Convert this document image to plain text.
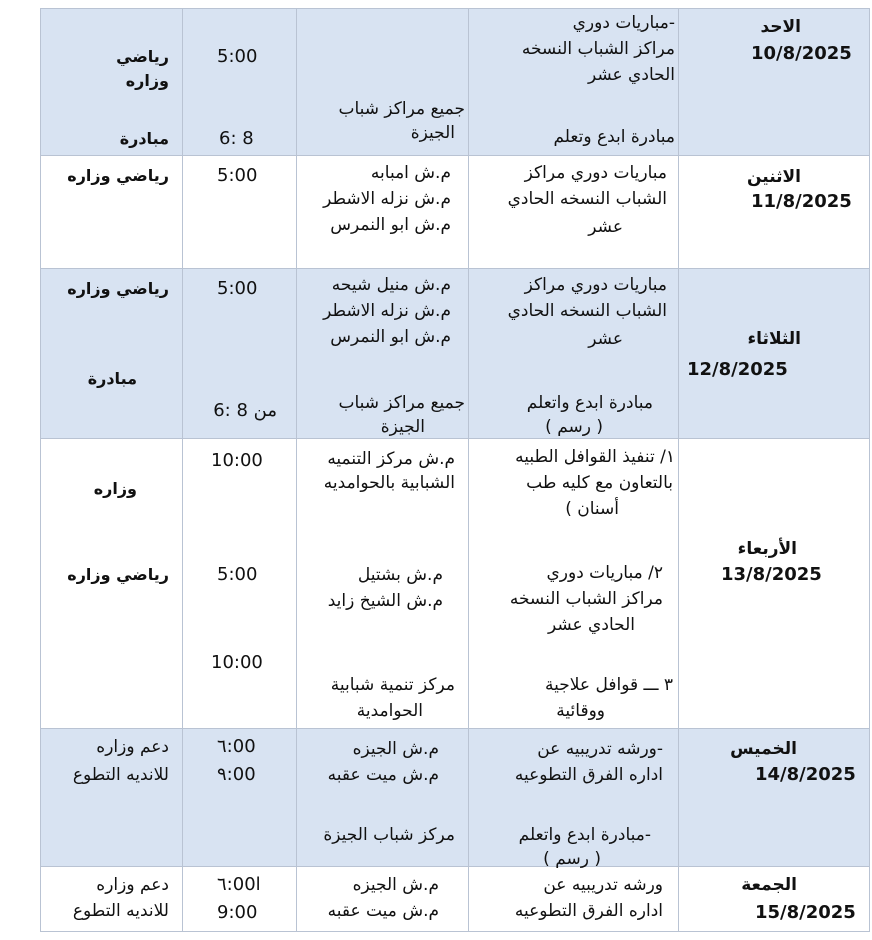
الاحد
10/8/2025
-مباريات دوري
مراكز الشباب النسخه
الحادي عشر
مبادرة ابدع وتعلم
جميع مراكز شباب
الجيزة
5:00
6: 8
رياضي
وزاره
مبادرة
الاثنين
11/8/2025
مباريات دوري مراكز
الشباب النسخه الحادي
عشر
م.ش امبابه
م.ش نزله الاشطر
م.ش ابو النمرس
5:00
رياضي وزاره
الثلاثاء
12/8/2025
مباريات دوري مراكز
الشباب النسخه الحادي
عشر
مبادرة ابدع واتعلم
( رسم )
م.ش منيل شيحه
م.ش نزله الاشطر
م.ش ابو النمرس
جميع مراكز شباب
الجيزة
5:00
من 8 :6
رياضي وزاره
مبادرة
الأربعاء
13/8/2025
١/ تنفيذ القوافل الطبيه
بالتعاون مع كليه طب
أسنان )
٢/ مباريات دوري
مراكز الشباب النسخه
الحادي عشر
٣ ـــ قوافل علاجية
ووقائية
م.ش مركز التنميه
الشبابية بالحوامديه
م.ش بشتيل
م.ش الشيخ زايد
مركز تنمية شبابية
الحوامدية
10:00
5:00
10:00
وزاره
رياضي وزاره
الخميس
14/8/2025
-ورشه تدريبيه عن
اداره الفرق التطوعيه
-مبادرة ابدع واتعلم
( رسم )
م.ش الجيزه
م.ش ميت عقبه
مركز شباب الجيزة
٦:00
٩:00
دعم وزاره
للانديه التطوع
الجمعة
15/8/2025
ورشه تدريبيه عن
اداره الفرق التطوعيه
م.ش الجيزه
م.ش ميت عقبه
٦:00ا
9:00
دعم وزاره
للانديه التطوع
